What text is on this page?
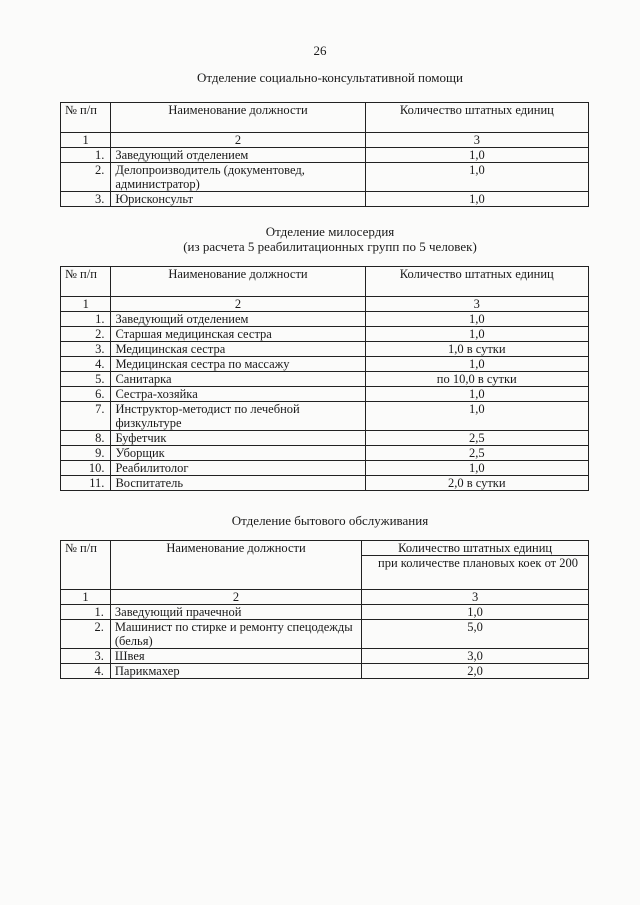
26
Отделение социально-консультативной помощи
№ п/п	Наименование должности	Количество штатных единиц
1	2	3
1.	Заведующий отделением	1,0
2.	Делопроизводитель (документовед, администратор)	1,0
3.	Юрисконсульт	1,0
Отделение милосердия
(из расчета 5 реабилитационных групп по 5 человек)
№ п/п	Наименование должности	Количество штатных единиц
1	2	3
1.	Заведующий отделением	1,0
2.	Старшая медицинская сестра	1,0
3.	Медицинская сестра	1,0 в сутки
4.	Медицинская сестра по массажу	1,0
5.	Санитарка	по 10,0 в сутки
6.	Сестра-хозяйка	1,0
7.	Инструктор-методист по лечебной физкультуре	1,0
8.	Буфетчик	2,5
9.	Уборщик	2,5
10.	Реабилитолог	1,0
11.	Воспитатель	2,0 в сутки
Отделение бытового обслуживания
№ п/п	Наименование должности	Количество штатных единиц
		при количестве плановых коек от 200
1	2	3
1.	Заведующий прачечной	1,0
2.	Машинист по стирке и ремонту спецодежды (белья)	5,0
3.	Швея	3,0
4.	Парикмахер	2,0
